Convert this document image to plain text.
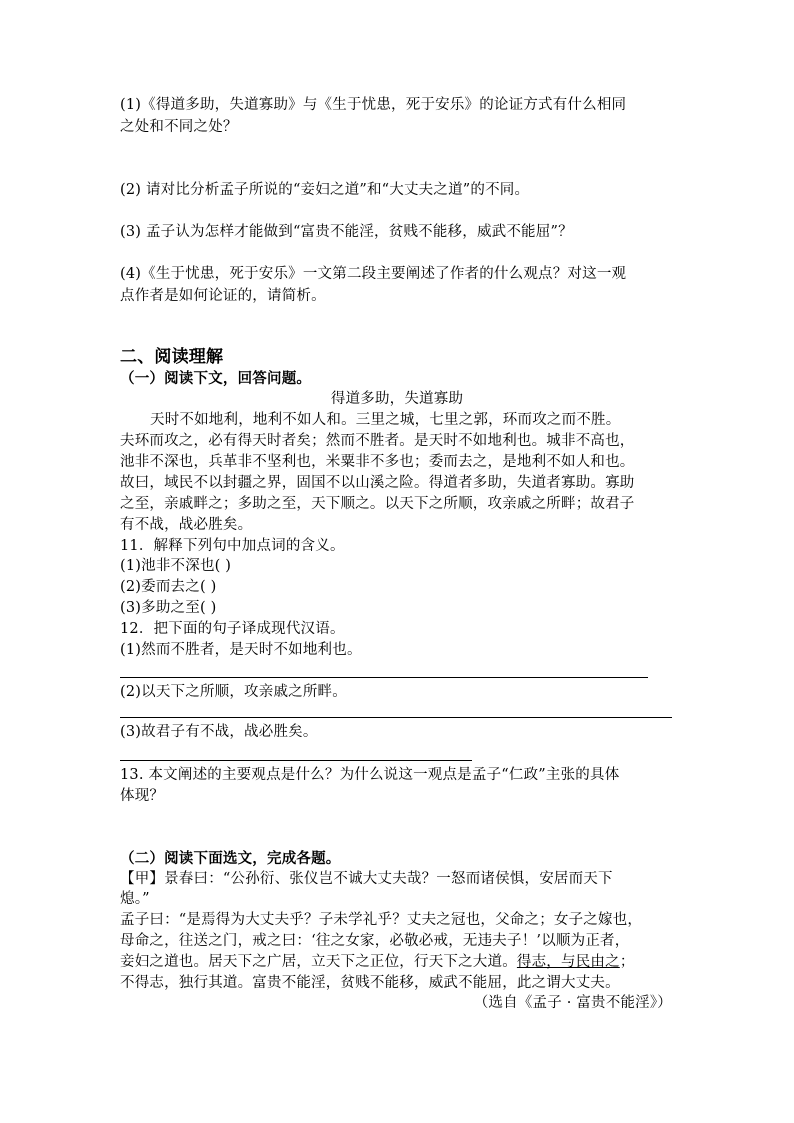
(1)《得道多助，失道寡助》与《生于忧患，死于安乐》的论证方式有什么相同
之处和不同之处？
(2) 请对比分析孟子所说的“妾妇之道”和“大丈夫之道”的不同。
(3) 孟子认为怎样才能做到“富贵不能淫，贫贱不能移，威武不能屈”？
(4)《生于忧患，死于安乐》一文第二段主要阐述了作者的什么观点？对这一观
点作者是如何论证的，请简析。
二、阅读理解
（一）阅读下文，回答问题。
得道多助，失道寡助
天时不如地利，地利不如人和。三里之城，七里之郭，环而攻之而不胜。
夫环而攻之，必有得天时者矣；然而不胜者。是天时不如地利也。城非不高也，
池非不深也，兵革非不坚利也，米粟非不多也；委而去之，是地利不如人和也。
故曰，域民不以封疆之界，固国不以山溪之险。得道者多助，失道者寡助。寡助
之至，亲戚畔之；多助之至，天下顺之。以天下之所顺，攻亲戚之所畔；故君子
有不战，战必胜矣。
11．解释下列句中加点词的含义。
(1)池非不深也( )
(2)委而去之( )
(3)多助之至( )
12．把下面的句子译成现代汉语。
(1)然而不胜者，是天时不如地利也。
(2)以天下之所顺，攻亲戚之所畔。
(3)故君子有不战，战必胜矣。
13. 本文阐述的主要观点是什么？为什么说这一观点是孟子“仁政”主张的具体
体现？
（二）阅读下面选文，完成各题。
【甲】景春曰：“公孙衍、张仪岂不诚大丈夫哉？一怒而诸侯惧，安居而天下
熄。”
孟子曰：“是焉得为大丈夫乎？子未学礼乎？丈夫之冠也，父命之；女子之嫁也，
母命之，往送之门，戒之曰：‘往之女家，必敬必戒，无违夫子！’以顺为正者，
妾妇之道也。居天下之广居，立天下之正位，行天下之大道。得志，与民由之；
不得志，独行其道。富贵不能淫，贫贱不能移，威武不能屈，此之谓大丈夫。
（选自《孟子 · 富贵不能淫》）
